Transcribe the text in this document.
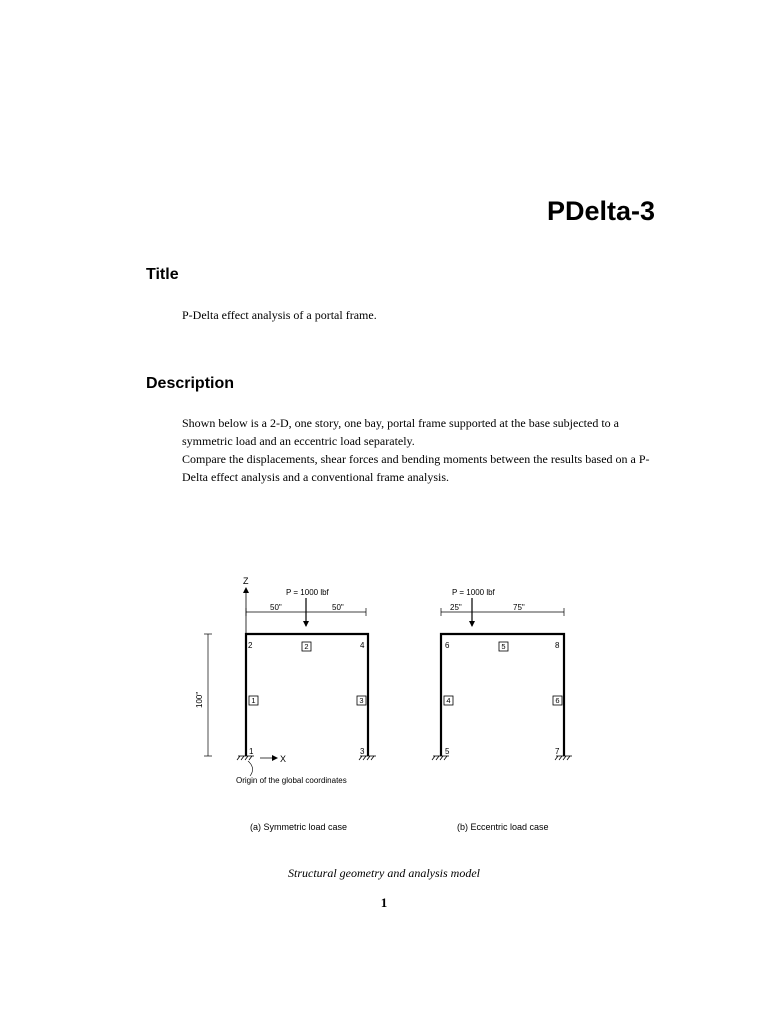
PDelta-3
Title

P-Delta effect analysis of a portal frame.

Description

Shown below is a 2-D, one story, one bay, portal frame supported at the base subjected to a symmetric load and an eccentric load separately.

Compare the displacements, shear forces and bending moments between the results based on a P-Delta effect analysis and a conventional frame analysis.

Z
P = 1000 lbf
50"	50"
100"
X
Origin of the global coordinates
1
2
3
4
1
2
3
(a) Symmetric load case
P = 1000 lbf
25"	75"
5
6
7
8
4
5
6
(b) Eccentric load case

Structural geometry and analysis model

1
